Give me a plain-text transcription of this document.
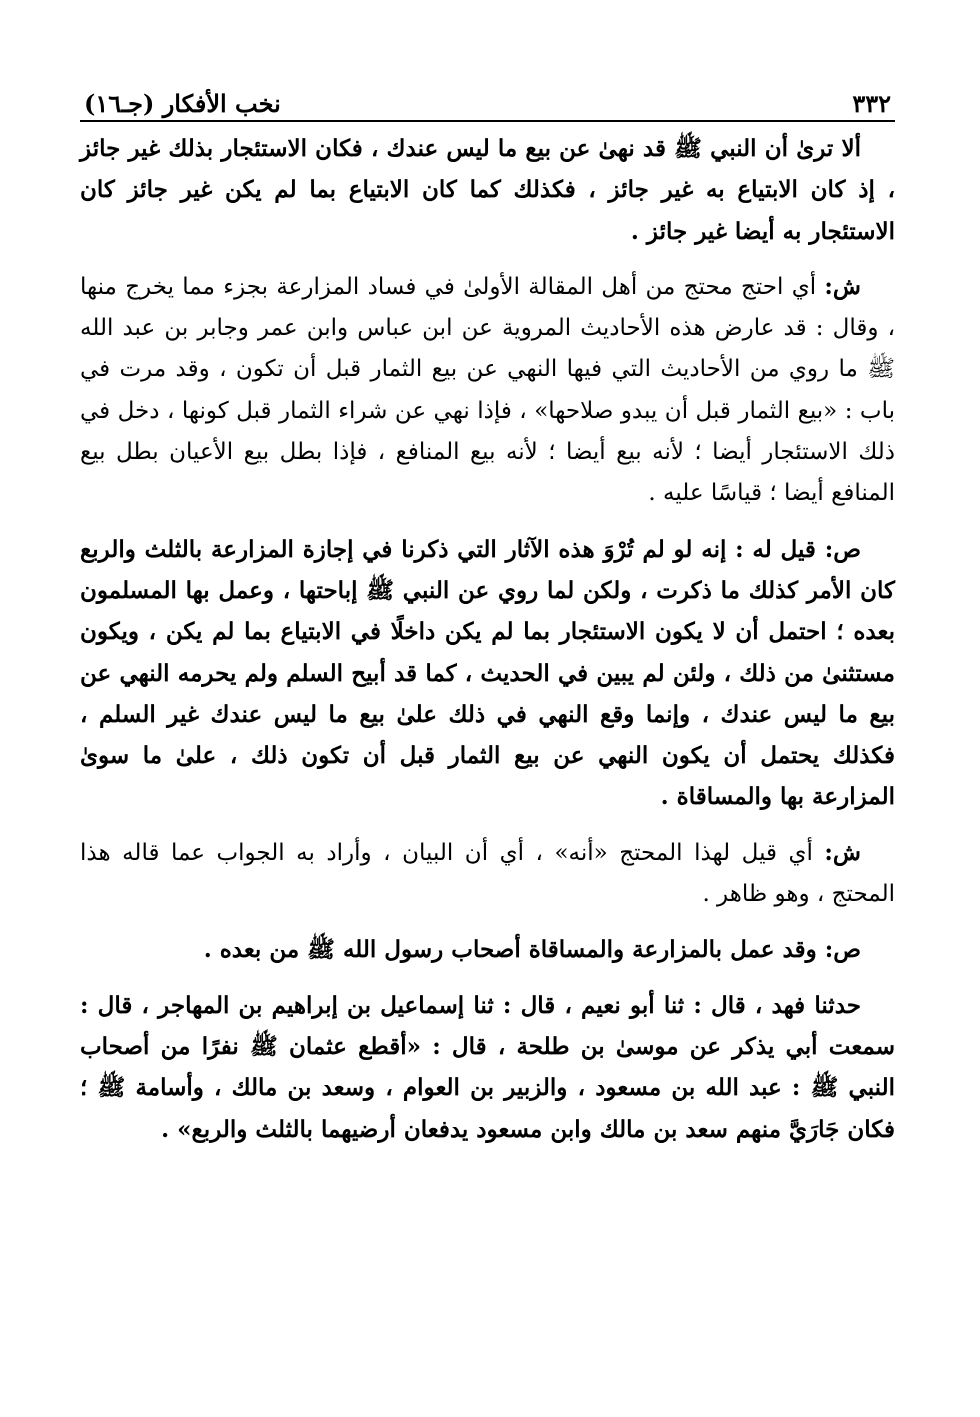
٣٣٢
نخب الأفكار (جـ١٦)

ألا ترىٰ أن النبي ﷺ قد نهىٰ عن بيع ما ليس عندك ، فكان الاستئجار بذلك غير جائز ، إذ كان الابتياع به غير جائز ، فكذلك كما كان الابتياع بما لم يكن غير جائز كان الاستئجار به أيضا غير جائز .

ش: أي احتج محتج من أهل المقالة الأولىٰ في فساد المزارعة بجزء مما يخرج منها ، وقال : قد عارض هذه الأحاديث المروية عن ابن عباس وابن عمر وجابر بن عبد الله ﷺ ما روي من الأحاديث التي فيها النهي عن بيع الثمار قبل أن تكون ، وقد مرت في باب : «بيع الثمار قبل أن يبدو صلاحها» ، فإذا نهي عن شراء الثمار قبل كونها ، دخل في ذلك الاستئجار أيضا ؛ لأنه بيع أيضا ؛ لأنه بيع المنافع ، فإذا بطل بيع الأعيان بطل بيع المنافع أيضا ؛ قياسًا عليه .

ص: قيل له : إنه لو لم تُرْوَ هذه الآثار التي ذكرنا في إجازة المزارعة بالثلث والربع كان الأمر كذلك ما ذكرت ، ولكن لما روي عن النبي ﷺ إباحتها ، وعمل بها المسلمون بعده ؛ احتمل أن لا يكون الاستئجار بما لم يكن داخلًا في الابتياع بما لم يكن ، ويكون مستثنىٰ من ذلك ، ولئن لم يبين في الحديث ، كما قد أبيح السلم ولم يحرمه النهي عن بيع ما ليس عندك ، وإنما وقع النهي في ذلك علىٰ بيع ما ليس عندك غير السلم ، فكذلك يحتمل أن يكون النهي عن بيع الثمار قبل أن تكون ذلك ، علىٰ ما سوىٰ المزارعة بها والمساقاة .

ش: أي قيل لهذا المحتج «أنه» ، أي أن البيان ، وأراد به الجواب عما قاله هذا المحتج ، وهو ظاهر .

ص: وقد عمل بالمزارعة والمساقاة أصحاب رسول الله ﷺ من بعده .

حدثنا فهد ، قال : ثنا أبو نعيم ، قال : ثنا إسماعيل بن إبراهيم بن المهاجر ، قال : سمعت أبي يذكر عن موسىٰ بن طلحة ، قال : «أقطع عثمان ﷺ نفرًا من أصحاب النبي ﷺ : عبد الله بن مسعود ، والزبير بن العوام ، وسعد بن مالك ، وأسامة ﷺ ؛ فكان جَارَيَّ منهم سعد بن مالك وابن مسعود يدفعان أرضيهما بالثلث والربع» .
